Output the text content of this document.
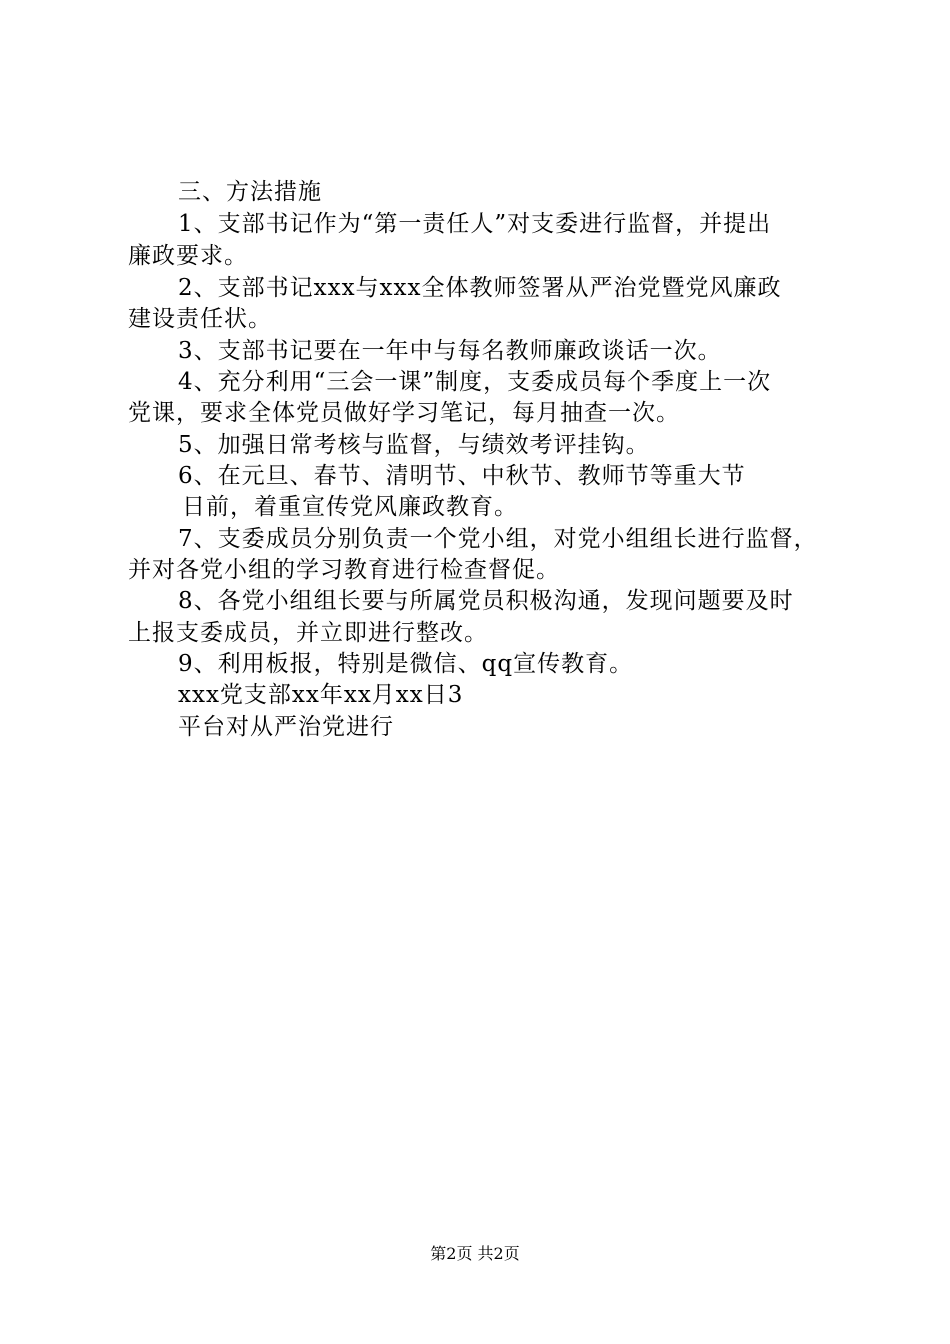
三、方法措施
1、支部书记作为“第一责任人”对支委进行监督，并提出
廉政要求。
2、支部书记xxx与xxx全体教师签署从严治党暨党风廉政
建设责任状。
3、支部书记要在一年中与每名教师廉政谈话一次。
4、充分利用“三会一课”制度，支委成员每个季度上一次
党课，要求全体党员做好学习笔记，每月抽查一次。
5、加强日常考核与监督，与绩效考评挂钩。
6、在元旦、春节、清明节、中秋节、教师节等重大节
日前，着重宣传党风廉政教育。
7、支委成员分别负责一个党小组，对党小组组长进行监督，
并对各党小组的学习教育进行检查督促。
8、各党小组组长要与所属党员积极沟通，发现问题要及时
上报支委成员，并立即进行整改。
9、利用板报，特别是微信、qq宣传教育。
xxx党支部xx年xx月xx日3
平台对从严治党进行
第2页 共2页
